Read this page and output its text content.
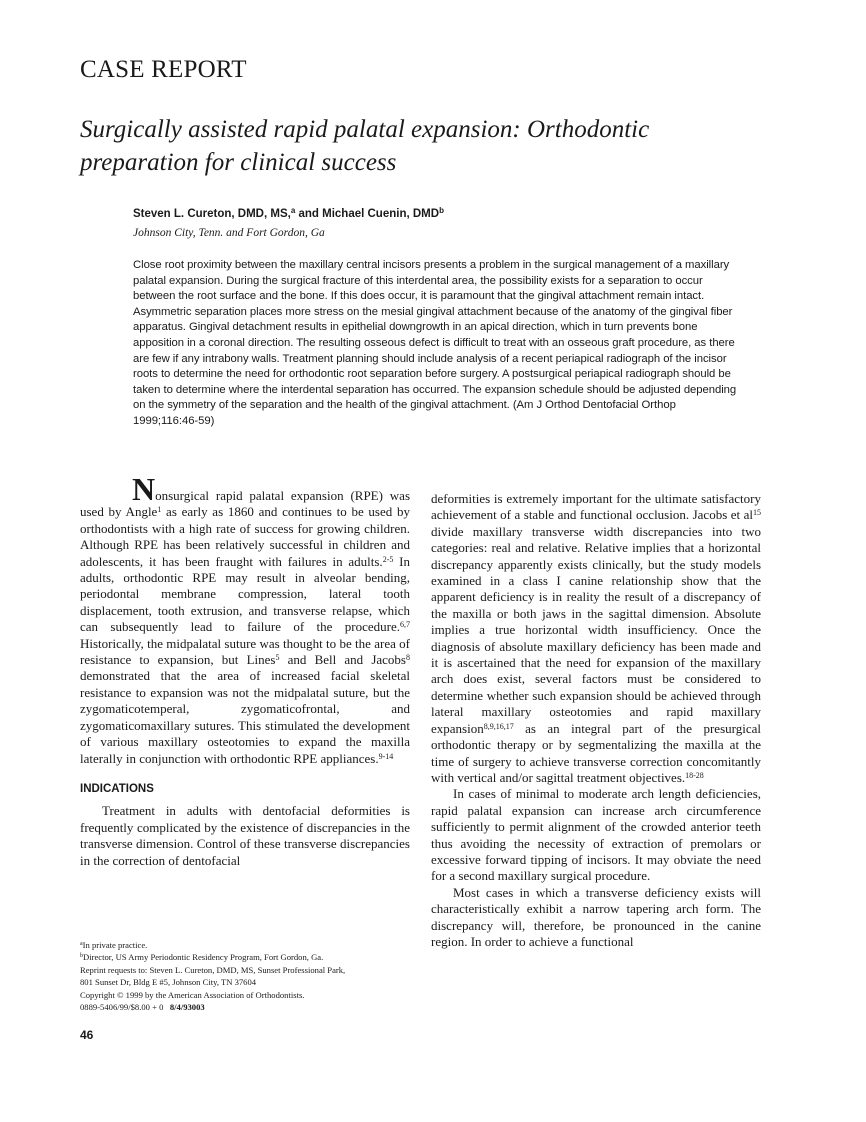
CASE REPORT
Surgically assisted rapid palatal expansion: Orthodontic preparation for clinical success
Steven L. Cureton, DMD, MS,$^a$ and Michael Cuenin, DMD$^b$
Johnson City, Tenn. and Fort Gordon, Ga

Close root proximity between the maxillary central incisors presents a problem in the surgical management of a maxillary palatal expansion. During the surgical fracture of this interdental area, the possibility exists for a separation to occur between the root surface and the bone. If this does occur, it is paramount that the gingival attachment remain intact. Asymmetric separation places more stress on the mesial gingival attachment because of the anatomy of the gingival fiber apparatus. Gingival detachment results in epithelial downgrowth in an apical direction, which in turn prevents bone apposition in a coronal direction. The resulting osseous defect is difficult to treat with an osseous graft procedure, as there are few if any intrabony walls. Treatment planning should include analysis of a recent periapical radiograph of the incisor roots to determine the need for orthodontic root separation before surgery. A postsurgical periapical radiograph should be taken to determine where the interdental separation has occurred. The expansion schedule should be adjusted depending on the symmetry of the separation and the health of the gingival attachment. (Am J Orthod Dentofacial Orthop 1999;116:46-59)

Nonsurgical rapid palatal expansion (RPE) was used by Angle$^1$ as early as 1860 and continues to be used by orthodontists with a high rate of success for growing children. Although RPE has been relatively successful in children and adolescents, it has been fraught with failures in adults.$^{2-5}$ In adults, orthodontic RPE may result in alveolar bending, periodontal membrane compression, lateral tooth displacement, tooth extrusion, and transverse relapse, which can subsequently lead to failure of the procedure.$^{6,7}$ Historically, the midpalatal suture was thought to be the area of resistance to expansion, but Lines$^5$ and Bell and Jacobs$^8$ demonstrated that the area of increased facial skeletal resistance to expansion was not the midpalatal suture, but the zygomaticotemperal, zygomaticofrontal, and zygomaticomaxillary sutures. This stimulated the development of various maxillary osteotomies to expand the maxilla laterally in conjunction with orthodontic RPE appliances.$^{9-14}$

INDICATIONS

Treatment in adults with dentofacial deformities is frequently complicated by the existence of discrepancies in the transverse dimension. Control of these transverse discrepancies in the correction of dentofacial

deformities is extremely important for the ultimate satisfactory achievement of a stable and functional occlusion. Jacobs et $al^{15}$ divide maxillary transverse width discrepancies into two categories: real and relative. Relative implies that a horizontal discrepancy apparently exists clinically, but the study models examined in a class I canine relationship show that the apparent deficiency is in reality the result of a discrepancy of the maxilla or both jaws in the sagittal dimension. Absolute implies a true horizontal width insufficiency. Once the diagnosis of absolute maxillary deficiency has been made and it is ascertained that the need for expansion of the maxillary arch does exist, several factors must be considered to determine whether such expansion should be achieved through lateral maxillary osteotomies and rapid maxillary expansion$^{8,9,16,17}$ as an integral part of the presurgical orthodontic therapy or by segmentalizing the maxilla at the time of surgery to achieve transverse correction concomitantly with vertical and/or sagittal treatment objectives.$^{18-28}$

In cases of minimal to moderate arch length deficiencies, rapid palatal expansion can increase arch circumference sufficiently to permit alignment of the crowded anterior teeth thus avoiding the necessity of extraction of premolars or excessive forward tipping of incisors. It may obviate the need for a second maxillary surgical procedure.

Most cases in which a transverse deficiency exists will characteristically exhibit a narrow tapering arch form. The discrepancy will, therefore, be pronounced in the canine region. In order to achieve a functional

$^a$In private practice.
$^b$Director, US Army Periodontic Residency Program, Fort Gordon, Ga.
Reprint requests to: Steven L. Cureton, DMD, MS, Sunset Professional Park,
801 Sunset Dr, Bldg E #5, Johnson City, TN 37604
Copyright © 1999 by the American Association of Orthodontists.
0889-5406/99/$8.00 + 0 8/4/93003
46
